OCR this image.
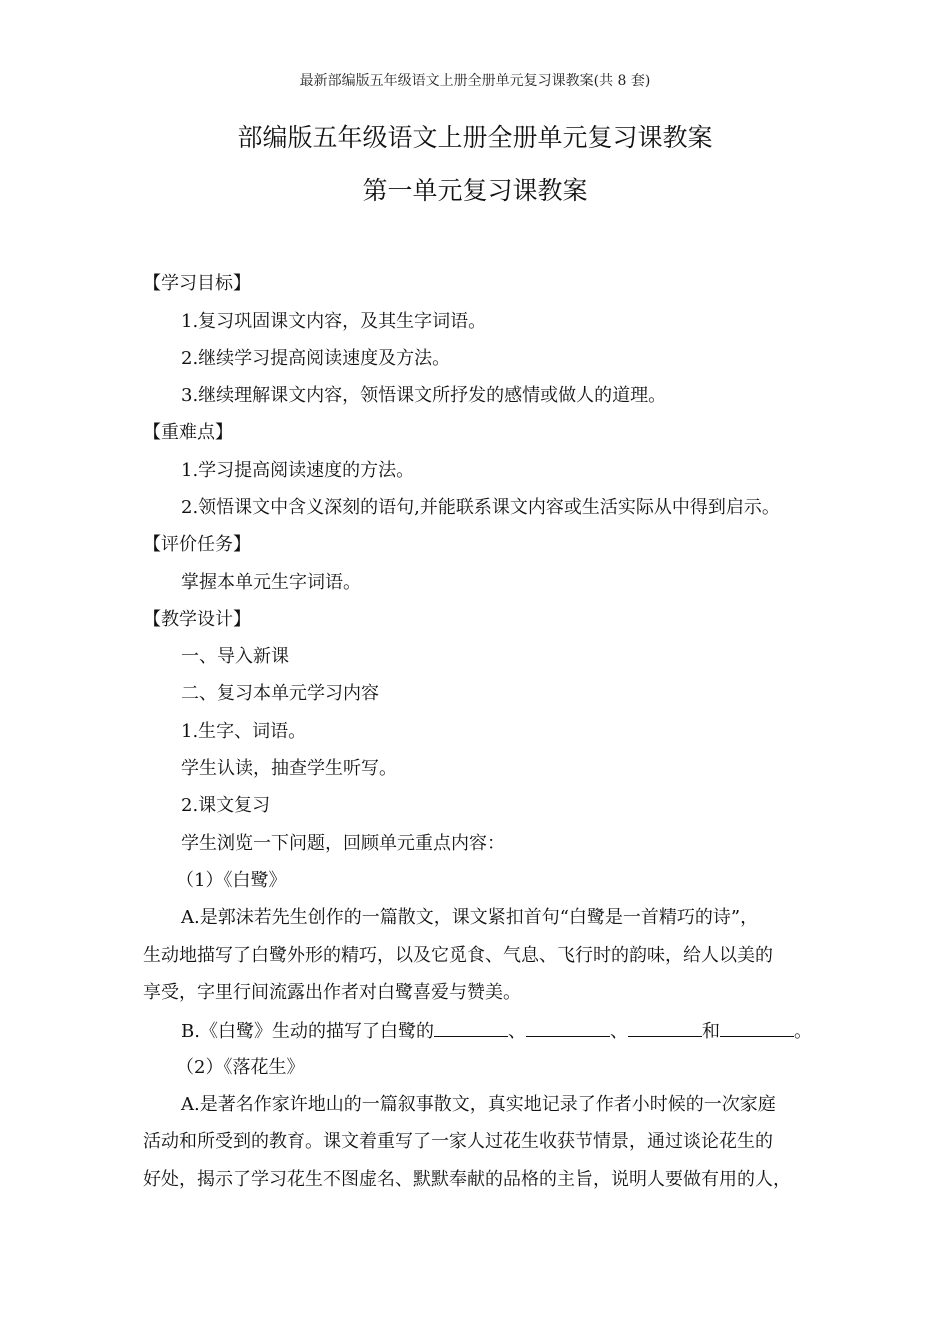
最新部编版五年级语文上册全册单元复习课教案(共 8 套)
部编版五年级语文上册全册单元复习课教案
第一单元复习课教案
【学习目标】
1.复习巩固课文内容，及其生字词语。
2.继续学习提高阅读速度及方法。
3.继续理解课文内容，领悟课文所抒发的感情或做人的道理。
【重难点】
1.学习提高阅读速度的方法。
2.领悟课文中含义深刻的语句,并能联系课文内容或生活实际从中得到启示。
【评价任务】
掌握本单元生字词语。
【教学设计】
一、导入新课
二、复习本单元学习内容
1.生字、词语。
学生认读，抽查学生听写。
2.课文复习
学生浏览一下问题，回顾单元重点内容：
（1）《白鹭》
A.是郭沫若先生创作的一篇散文，课文紧扣首句“白鹭是一首精巧的诗”，
生动地描写了白鹭外形的精巧，以及它觅食、气息、飞行时的韵味，给人以美的
享受，字里行间流露出作者对白鹭喜爱与赞美。
B.《白鹭》生动的描写了白鹭的	、	、	和	。
（2）《落花生》
A.是著名作家许地山的一篇叙事散文，真实地记录了作者小时候的一次家庭
活动和所受到的教育。课文着重写了一家人过花生收获节情景，通过谈论花生的
好处，揭示了学习花生不图虚名、默默奉献的品格的主旨，说明人要做有用的人，
